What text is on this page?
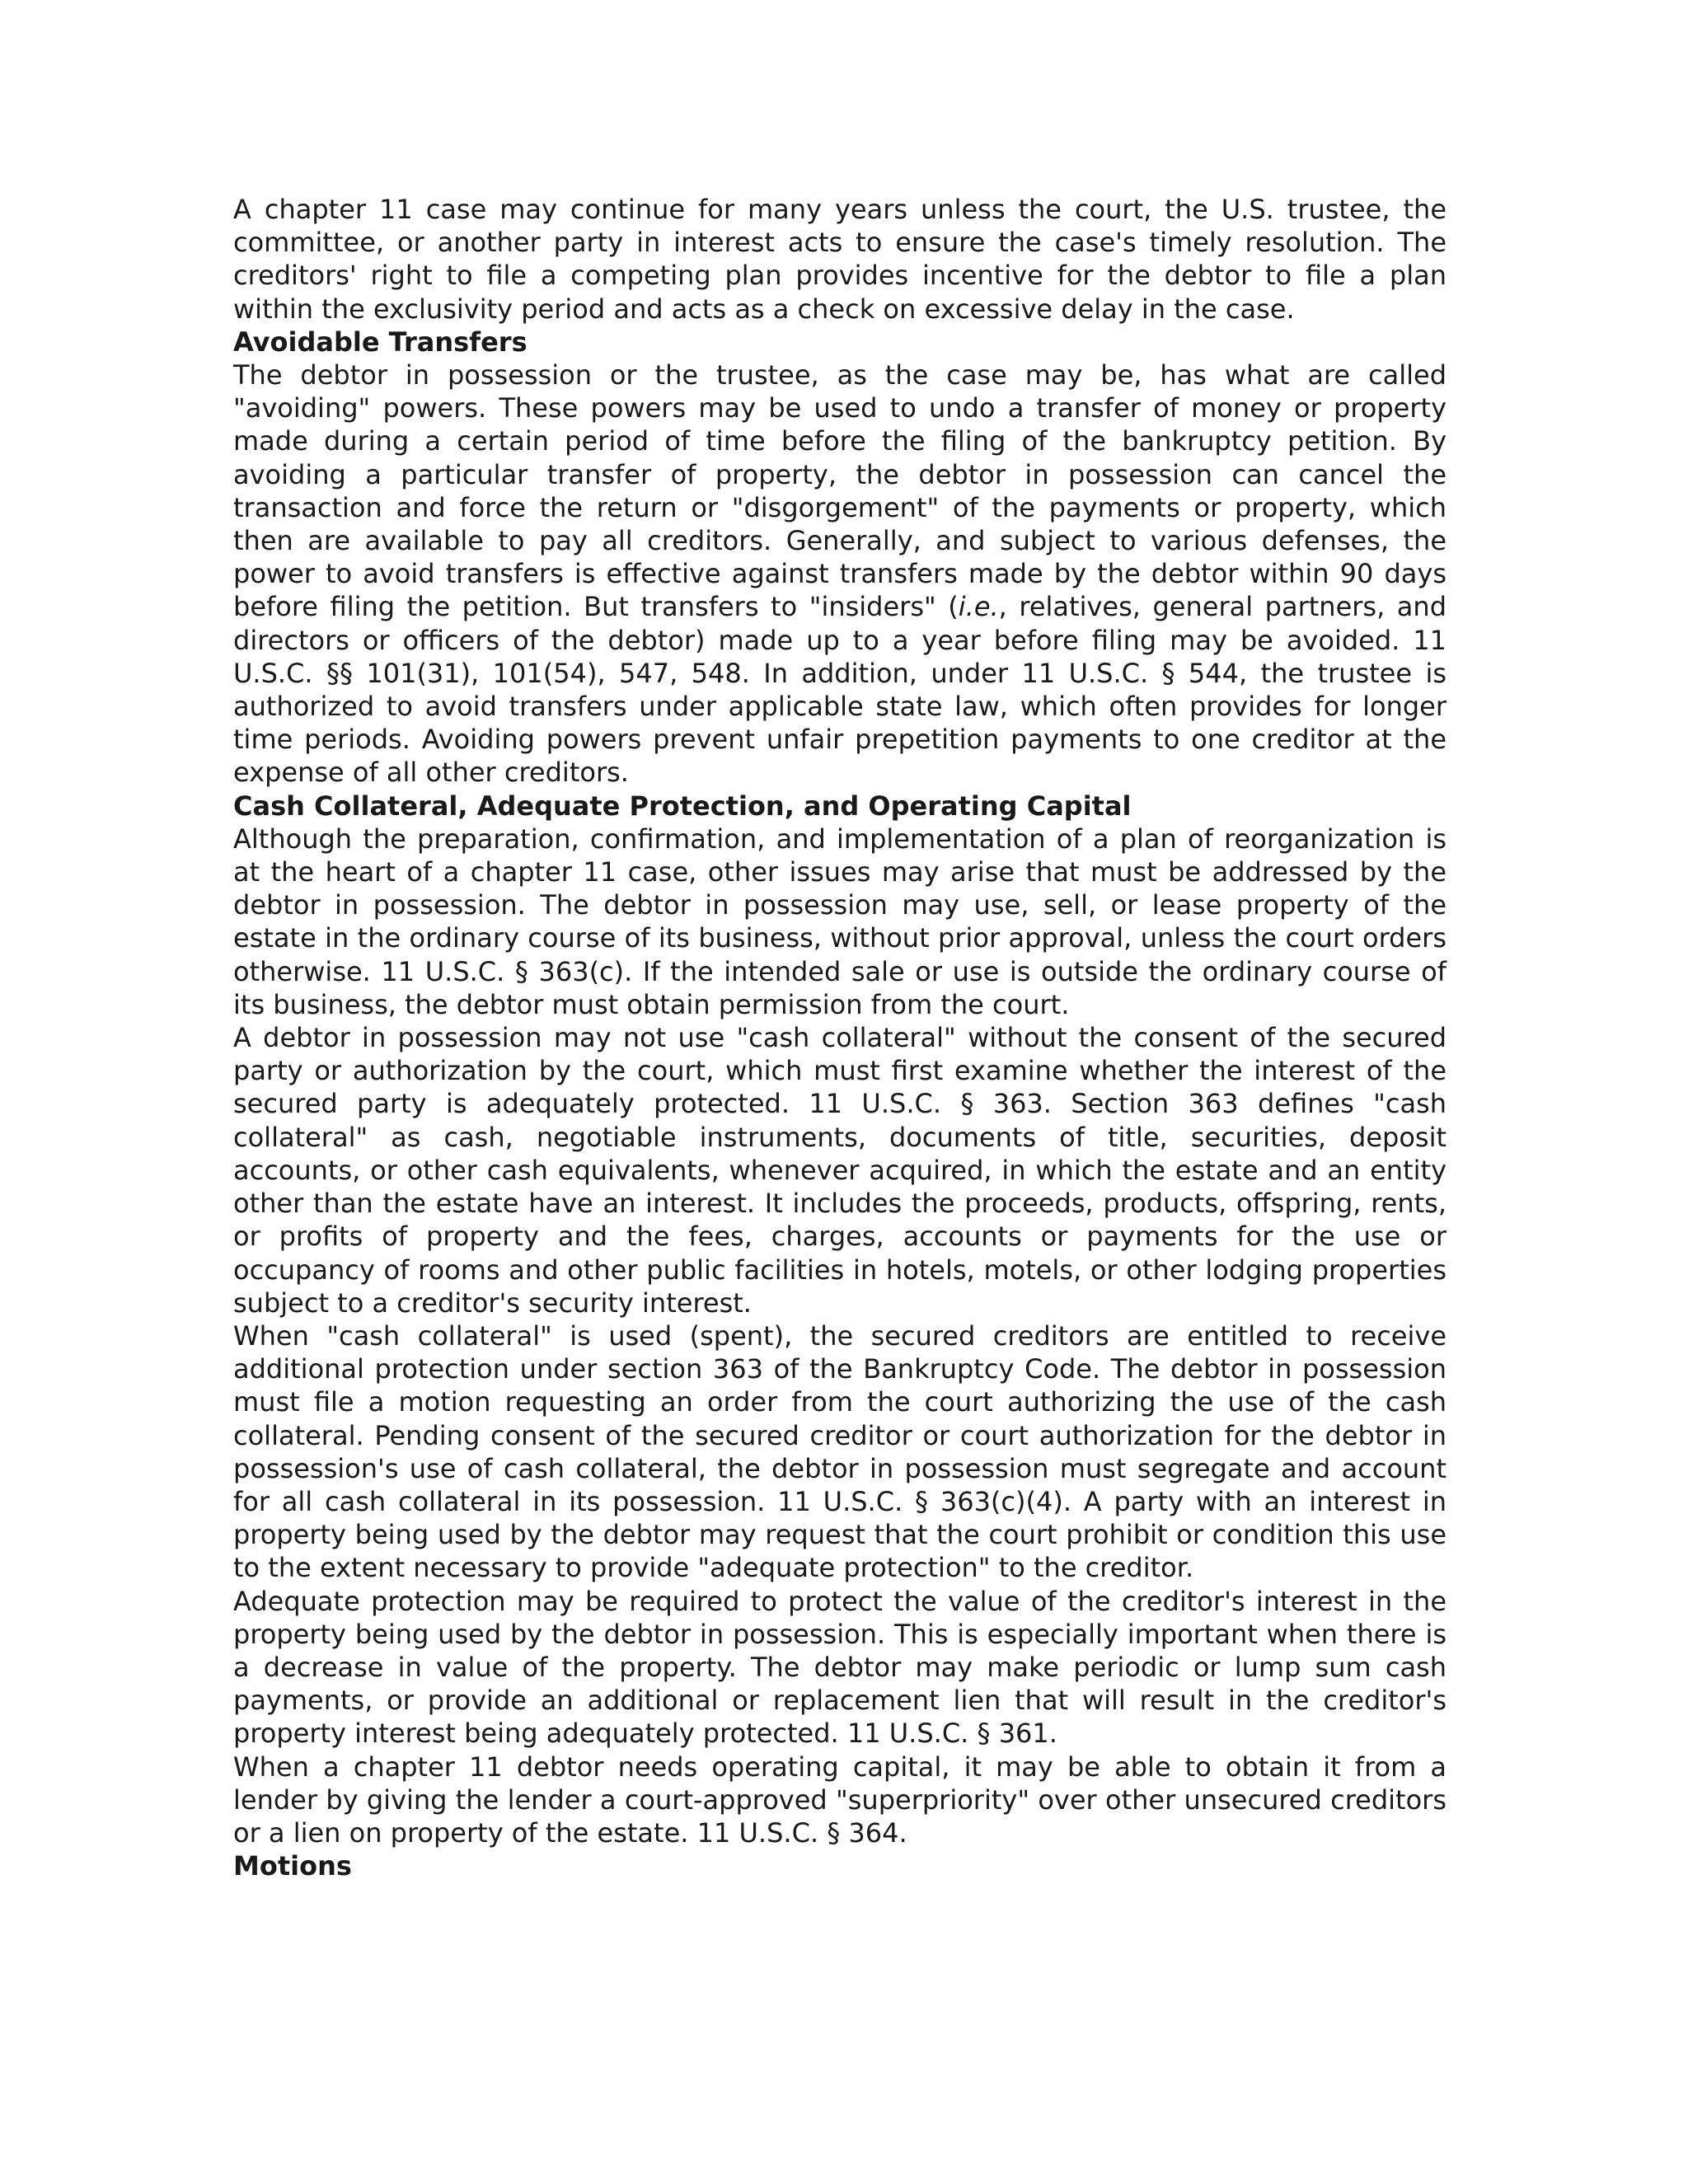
A chapter 11 case may continue for many years unless the court, the U.S. trustee, the committee, or another party in interest acts to ensure the case's timely resolution. The creditors' right to file a competing plan provides incentive for the debtor to file a plan within the exclusivity period and acts as a check on excessive delay in the case.

Avoidable Transfers

The debtor in possession or the trustee, as the case may be, has what are called "avoiding" powers. These powers may be used to undo a transfer of money or property made during a certain period of time before the filing of the bankruptcy petition. By avoiding a particular transfer of property, the debtor in possession can cancel the transaction and force the return or "disgorgement" of the payments or property, which then are available to pay all creditors. Generally, and subject to various defenses, the power to avoid transfers is effective against transfers made by the debtor within 90 days before filing the petition. But transfers to "insiders" (i.e., relatives, general partners, and directors or officers of the debtor) made up to a year before filing may be avoided. 11 U.S.C. §§ 101(31), 101(54), 547, 548. In addition, under 11 U.S.C. § 544, the trustee is authorized to avoid transfers under applicable state law, which often provides for longer time periods. Avoiding powers prevent unfair prepetition payments to one creditor at the expense of all other creditors.

Cash Collateral, Adequate Protection, and Operating Capital

Although the preparation, confirmation, and implementation of a plan of reorganization is at the heart of a chapter 11 case, other issues may arise that must be addressed by the debtor in possession. The debtor in possession may use, sell, or lease property of the estate in the ordinary course of its business, without prior approval, unless the court orders otherwise. 11 U.S.C. § 363(c). If the intended sale or use is outside the ordinary course of its business, the debtor must obtain permission from the court.

A debtor in possession may not use "cash collateral" without the consent of the secured party or authorization by the court, which must first examine whether the interest of the secured party is adequately protected. 11 U.S.C. § 363. Section 363 defines "cash collateral" as cash, negotiable instruments, documents of title, securities, deposit accounts, or other cash equivalents, whenever acquired, in which the estate and an entity other than the estate have an interest. It includes the proceeds, products, offspring, rents, or profits of property and the fees, charges, accounts or payments for the use or occupancy of rooms and other public facilities in hotels, motels, or other lodging properties subject to a creditor's security interest.

When "cash collateral" is used (spent), the secured creditors are entitled to receive additional protection under section 363 of the Bankruptcy Code. The debtor in possession must file a motion requesting an order from the court authorizing the use of the cash collateral. Pending consent of the secured creditor or court authorization for the debtor in possession's use of cash collateral, the debtor in possession must segregate and account for all cash collateral in its possession. 11 U.S.C. § 363(c)(4). A party with an interest in property being used by the debtor may request that the court prohibit or condition this use to the extent necessary to provide "adequate protection" to the creditor.

Adequate protection may be required to protect the value of the creditor's interest in the property being used by the debtor in possession. This is especially important when there is a decrease in value of the property. The debtor may make periodic or lump sum cash payments, or provide an additional or replacement lien that will result in the creditor's property interest being adequately protected. 11 U.S.C. § 361.

When a chapter 11 debtor needs operating capital, it may be able to obtain it from a lender by giving the lender a court-approved "superpriority" over other unsecured creditors or a lien on property of the estate. 11 U.S.C. § 364.

Motions
